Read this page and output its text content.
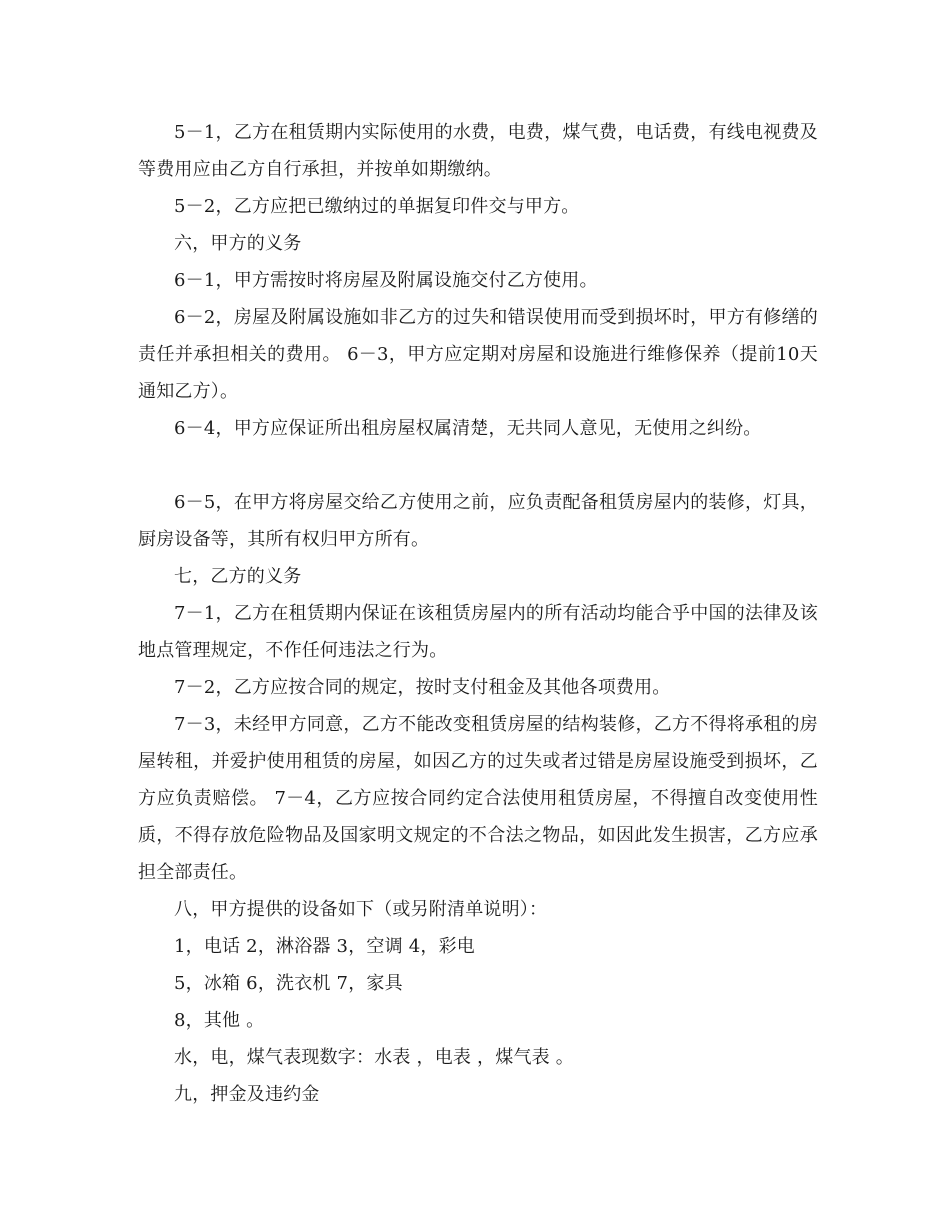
5－1，乙方在租赁期内实际使用的水费，电费，煤气费，电话费，有线电视费及 等费用应由乙方自行承担，并按单如期缴纳。

5－2，乙方应把已缴纳过的单据复印件交与甲方。

六，甲方的义务

6－1，甲方需按时将房屋及附属设施交付乙方使用。

6－2，房屋及附属设施如非乙方的过失和错误使用而受到损坏时，甲方有修缮的责任并承担相关的费用。 6－3，甲方应定期对房屋和设施进行维修保养（提前10天通知乙方）。

6－4，甲方应保证所出租房屋权属清楚，无共同人意见，无使用之纠纷。

6－5，在甲方将房屋交给乙方使用之前，应负责配备租赁房屋内的装修，灯具，厨房设备等，其所有权归甲方所有。

七，乙方的义务

7－1，乙方在租赁期内保证在该租赁房屋内的所有活动均能合乎中国的法律及该地点管理规定，不作任何违法之行为。

7－2，乙方应按合同的规定，按时支付租金及其他各项费用。

7－3，未经甲方同意，乙方不能改变租赁房屋的结构装修，乙方不得将承租的房屋转租，并爱护使用租赁的房屋，如因乙方的过失或者过错是房屋设施受到损坏，乙方应负责赔偿。 7－4，乙方应按合同约定合法使用租赁房屋，不得擅自改变使用性质，不得存放危险物品及国家明文规定的不合法之物品，如因此发生损害，乙方应承担全部责任。

八，甲方提供的设备如下（或另附清单说明）：

1，电话 2，淋浴器 3，空调 4，彩电

5，冰箱 6，洗衣机 7，家具

8，其他 。

水，电，煤气表现数字：水表 ，电表 ，煤气表 。

九，押金及违约金
